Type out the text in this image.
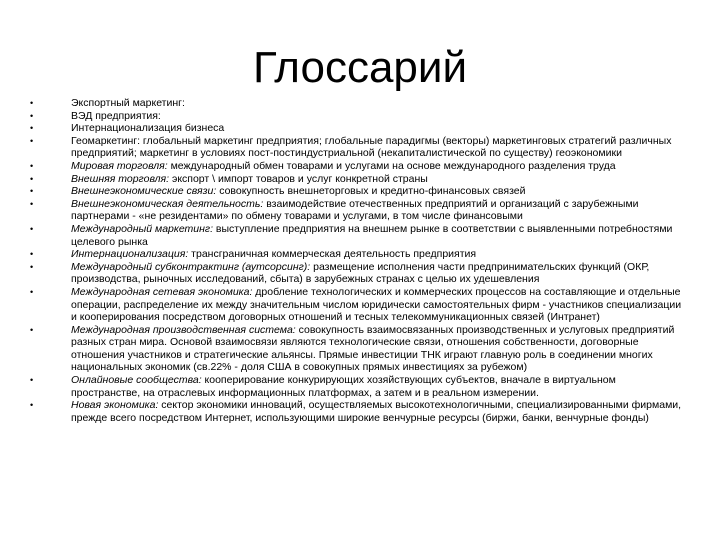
Глоссарий
•	Экспортный маркетинг:
•	ВЭД предприятия:
•	Интернационализация бизнеса
•	Геомаркетинг: глобальный маркетинг предприятия; глобальные парадигмы (векторы) маркетинговых стратегий различных предприятий; маркетинг в условиях пост-постиндустриальной (некапиталистической по существу) геоэкономики
•	Мировая торговля: международный обмен товарами и услугами на основе международного разделения труда
•	Внешняя торговля: экспорт \ импорт товаров и услуг конкретной страны
•	Внешнеэкономические связи: совокупность внешнеторговых и кредитно-финансовых связей
•	Внешнеэкономическая деятельность: взаимодействие отечественных предприятий и организаций с зарубежными партнерами - «не резидентами» по обмену товарами и услугами, в том числе финансовыми
•	Международный маркетинг: выступление предприятия на внешнем рынке в соответствии с выявленными потребностями целевого рынка
•	Интернационализация: трансграничная коммерческая деятельность предприятия
•	Международный субконтрактинг (аутсорсинг): размещение исполнения части предпринимательских функций (ОКР, производства, рыночных исследований, сбыта) в зарубежных странах с целью их удешевления
•	Международная сетевая экономика: дробление технологических и коммерческих процессов на составляющие и отдельные операции, распределение их между значительным числом юридически самостоятельных фирм - участников специализации и кооперирования посредством договорных отношений и тесных телекоммуникационных связей (Интранет)
•	Международная производственная система: совокупность взаимосвязанных производственных и услуговых предприятий разных стран мира. Основой взаимосвязи являются технологические связи, отношения собственности, договорные отношения участников и стратегические альянсы. Прямые инвестиции ТНК играют главную роль в соединении многих национальных экономик (св.22% - доля США в совокупных прямых инвестициях за рубежом)
•	Онлайновые сообщества: кооперирование конкурирующих хозяйствующих субъектов, вначале в виртуальном пространстве, на отраслевых информационных платформах, а затем и в реальном измерении.
•	Новая экономика: сектор экономики инноваций, осуществляемых высокотехнологичными, специализированными фирмами, прежде всего посредством Интернет, использующими широкие венчурные ресурсы (биржи, банки, венчурные фонды)
